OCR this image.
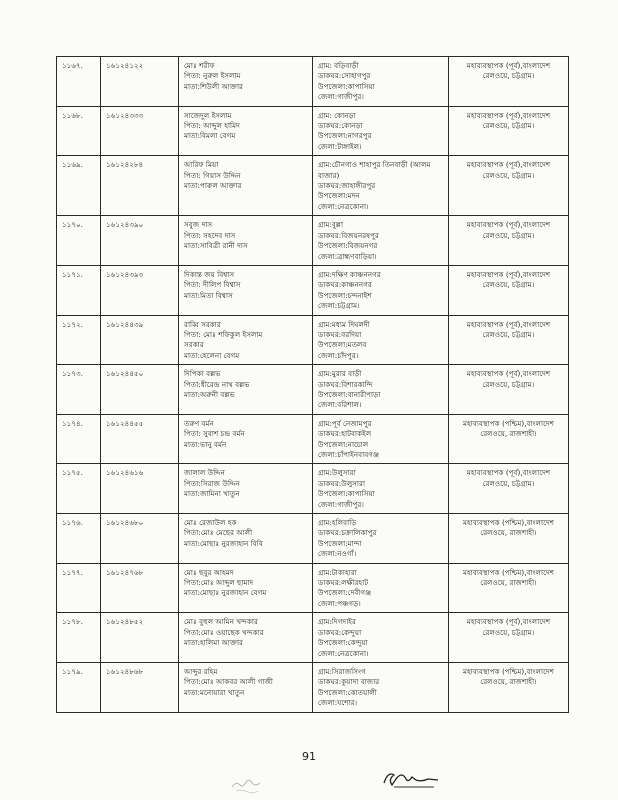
১১৬৭.	১৬১২৪১২২	মোঃ শরীফ
পিতা: নুরুল ইসলাম
মাতা:শিউলী আক্তার	গ্রাম: বড়িবাড়ী
ডাকঘর:সোহাগপুর
উপজেলা:কাপাসিয়া
জেলা:গাজীপুর।	মহাব্যবস্থাপক (পূর্ব),বাংলাদেশ
রেলওয়ে, চট্টগ্রাম।

১১৬৮.	১৬১২৪৩৩৩	সাজেদুল ইসলাম
পিতা: আব্দুল হামিদ
মাতা:বিমলা বেগম	গ্রাম: কোনড়া
ডাকঘর:কোনড়া
উপজেলা:নাগরপুর
জেলা:টাঙ্গাইল।	মহাব্যবস্থাপক (পূর্ব),বাংলাদেশ
রেলওয়ে, চট্টগ্রাম।

১১৬৯.	১৬১২৪২৮৪	আরিফ মিয়া
পিতা: গিয়াস উদ্দিন
মাতা:পারুল আক্তার	গ্রাম:চৌনগাও শাহাপুর তিনবাড়ী (আলম
বাজার)
ডাকঘর:জাহাঙ্গীরপুর
উপজেলা:মদন
জেলা:নেত্রকোনা।	মহাব্যবস্থাপক (পূর্ব),বাংলাদেশ
রেলওয়ে, চট্টগ্রাম।

১১৭০.	১৬১২৪৩৯০	সবুজ দাস
পিতা: সহদেব দাস
মাতা:সাবিত্রী রানী দাস	গ্রাম:বুল্লা
ডাকঘর:বিজয়নরষপুর
উপজেলা:বিজয়নগর
জেলা:ব্রাহ্মণবাড়িয়া।	মহাব্যবস্থাপক (পূর্ব),বাংলাদেশ
রেলওয়ে, চট্টগ্রাম।

১১৭১.	১৬১২৪৩৯৩	দিকান্ত জয় বিশ্বাস
পিতা: দীলিপ বিশ্বাস
মাতা:মিতা বিশ্বাস	গ্রাম:দক্ষিণ কাঞ্চননগর
ডাকঘর:কাঞ্চননগর
উপজেলা:চন্দনাইশ
জেলা:চট্টগ্রাম।	মহাব্যবস্থাপক (পূর্ব),বাংলাদেশ
রেলওয়ে, চট্টগ্রাম।

১১৭২.	১৬১২৪৪৩৯	রাব্বি সরকার
পিতা: মোঃ শফিকুল ইসলাম
সরকার
মাতা:হেলেনা বেগম	গ্রাম:মধ্যম দিঘলদী
ডাকঘর:বরদিয়া
উপজেলা:মতলব
জেলা:চাঁদপুর।	মহাব্যবস্থাপক (পূর্ব),বাংলাদেশ
রেলওয়ে, চট্টগ্রাম।

১১৭৩.	১৬১২৪৪৫০	দিপিকা বল্লভ
পিতা:ধীরেন্দ্র নাথ বল্লভ
মাতা:অরুনী বল্লভ	গ্রাম:মুরার বাড়ী
ডাকঘর:বিশারকান্দি
উপজেলা:বানারীপাড়া
জেলা:বরিশাল।	মহাব্যবস্থাপক (পূর্ব),বাংলাদেশ
রেলওয়ে, চট্টগ্রাম।

১১৭৪.	১৬১২৪৪৫৫	তরুণ বর্মন
পিতা: সুবাশ চন্দ্র বর্মন
মাতা:ভানু বর্মন	গ্রাম:পূর্ব নেজামপুর
ডাকঘর:হাটবাকইল
উপজেলা:নাচোল
জেলা:চাঁপাইনবাবগঞ্জ	মহাব্যবস্থাপক (পশ্চিম),বাংলাদেশ
রেলওয়ে, রাজশাহী।

১১৭৫.	১৬১২৪৬১৬	জালাল উদ্দিন
পিতা:সিরাজ উদ্দিন
মাতা:জামিনা খাতুন	গ্রাম:উলুসারা
ডাকঘর:উলুসারা
উপজেলা:কাপাসিয়া
জেলা:গাজীপুর।	মহাব্যবস্থাপক (পূর্ব),বাংলাদেশ
রেলওয়ে, চট্টগ্রাম।

১১৭৬.	১৬১২৪৬৮০	মোঃ রেজাউল হক
পিতা:মোঃ মেছের আলী
মাতা:মোছাঃ নুরজাহান বিবি	গ্রাম:হলিবাড়ি
ডাকঘর:চক্রালিকাপুর
উপজেলা:মান্দা
জেলা:নওগাঁ।	মহাব্যবস্থাপক (পশ্চিম),বাংলাদেশ
রেলওয়ে, রাজশাহী।

১১৭৭.	১৬১২৪৭৬৮	মোঃ ছবুর আহমদ
পিতা:মোঃ আব্দুল ছামাদ
মাতা:মোছাঃ নুরজাহান বেগম	গ্রাম:টাকাহারা
ডাকঘর:লক্ষীরহাট
উপজেলা:দেবীগঞ্জ
জেলা:পঞ্চগড়।	মহাব্যবস্থাপক (পশ্চিম),বাংলাদেশ
রেলওয়ে, রাজশাহী।

১১৭৮.	১৬১২৪৮৫২	মোঃ বুহুল আমিন খন্দকার
পিতা:মোঃ ওয়াছেক খন্দকার
মাতা:হালিমা আক্তার	গ্রাম:দিগদাইর
ডাকঘর:কেন্দুয়া
উপজেলা:কেন্দুয়া
জেলা:নেত্রকোনা।	মহাব্যবস্থাপক (পূর্ব),বাংলাদেশ
রেলওয়ে, চট্টগ্রাম।

১১৭৯.	১৬১২৪৮৬৮	আব্দুর রহিম
পিতা:মোঃ আকবর আলী গাজী
মাতা:মনোয়ারা খাতুন	গ্রাম:সিরাজসিংগ
ডাকঘর:কুয়াদা বাজার
উপজেলা:কোতয়ালী
জেলা:যশোর।	মহাব্যবস্থাপক (পশ্চিম),বাংলাদেশ
রেলওয়ে, রাজশাহী।
91
